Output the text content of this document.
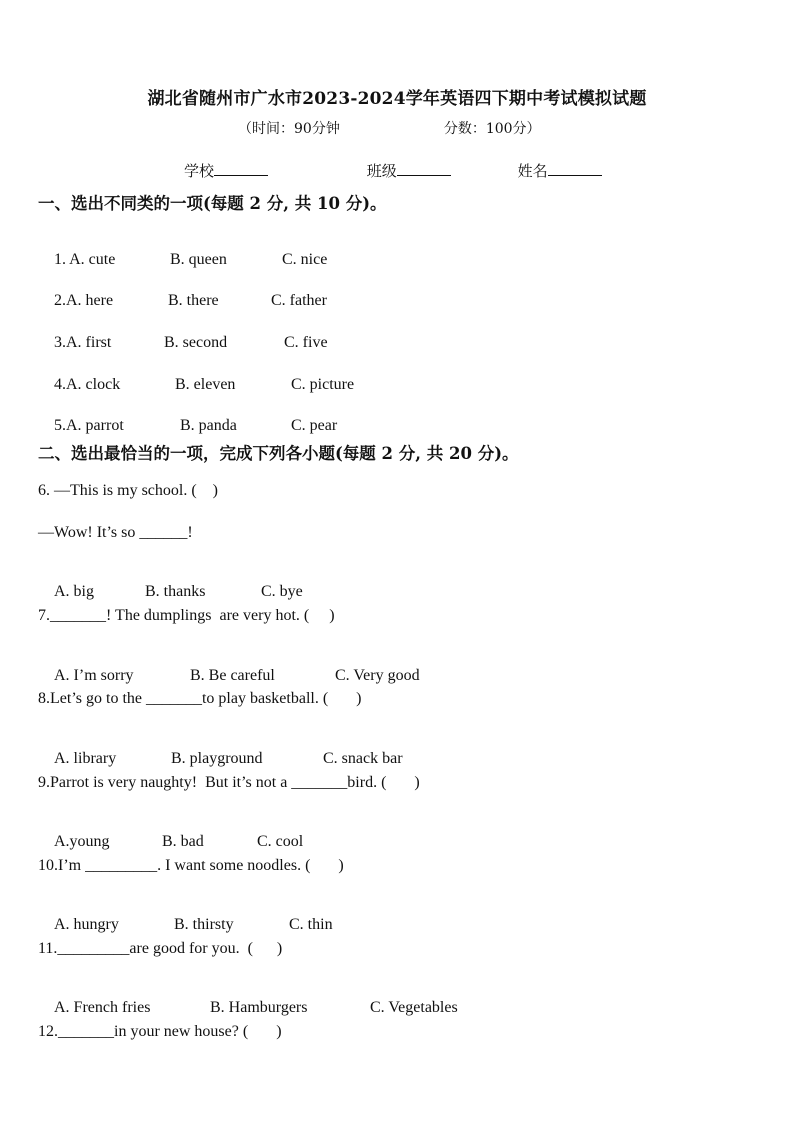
湖北省随州市广水市2023-2024学年英语四下期中考试模拟试题
（时间：90分钟	分数：100分）
学校	班级	姓名
一、选出不同类的一项(每题 2 分, 共 10 分)。

1. A. cute	B. queen	C. nice

2.A. here	B. there	C. father

3.A. first	B. second	C. five

4.A. clock	B. eleven	C. picture

5.A. parrot	B. panda	C. pear

二、选出最恰当的一项，完成下列各小题(每题 2 分, 共 20 分)。
6. —This is my school. (    )
—Wow! It’s so ______!

A. big	B. thanks	C. bye

7._______! The dumplings  are very hot. (     )

A. I’m sorry	B. Be careful	C. Very good

8.Let’s go to the _______to play basketball. (       )

A. library	B. playground	C. snack bar

9.Parrot is very naughty!  But it’s not a _______bird. (       )

A.young	B. bad	C. cool

10.I’m _________. I want some noodles. (       )

A. hungry	B. thirsty	C. thin

11._________are good for you.  (      )

A. French fries	B. Hamburgers	C. Vegetables

12._______in your new house? (       )
